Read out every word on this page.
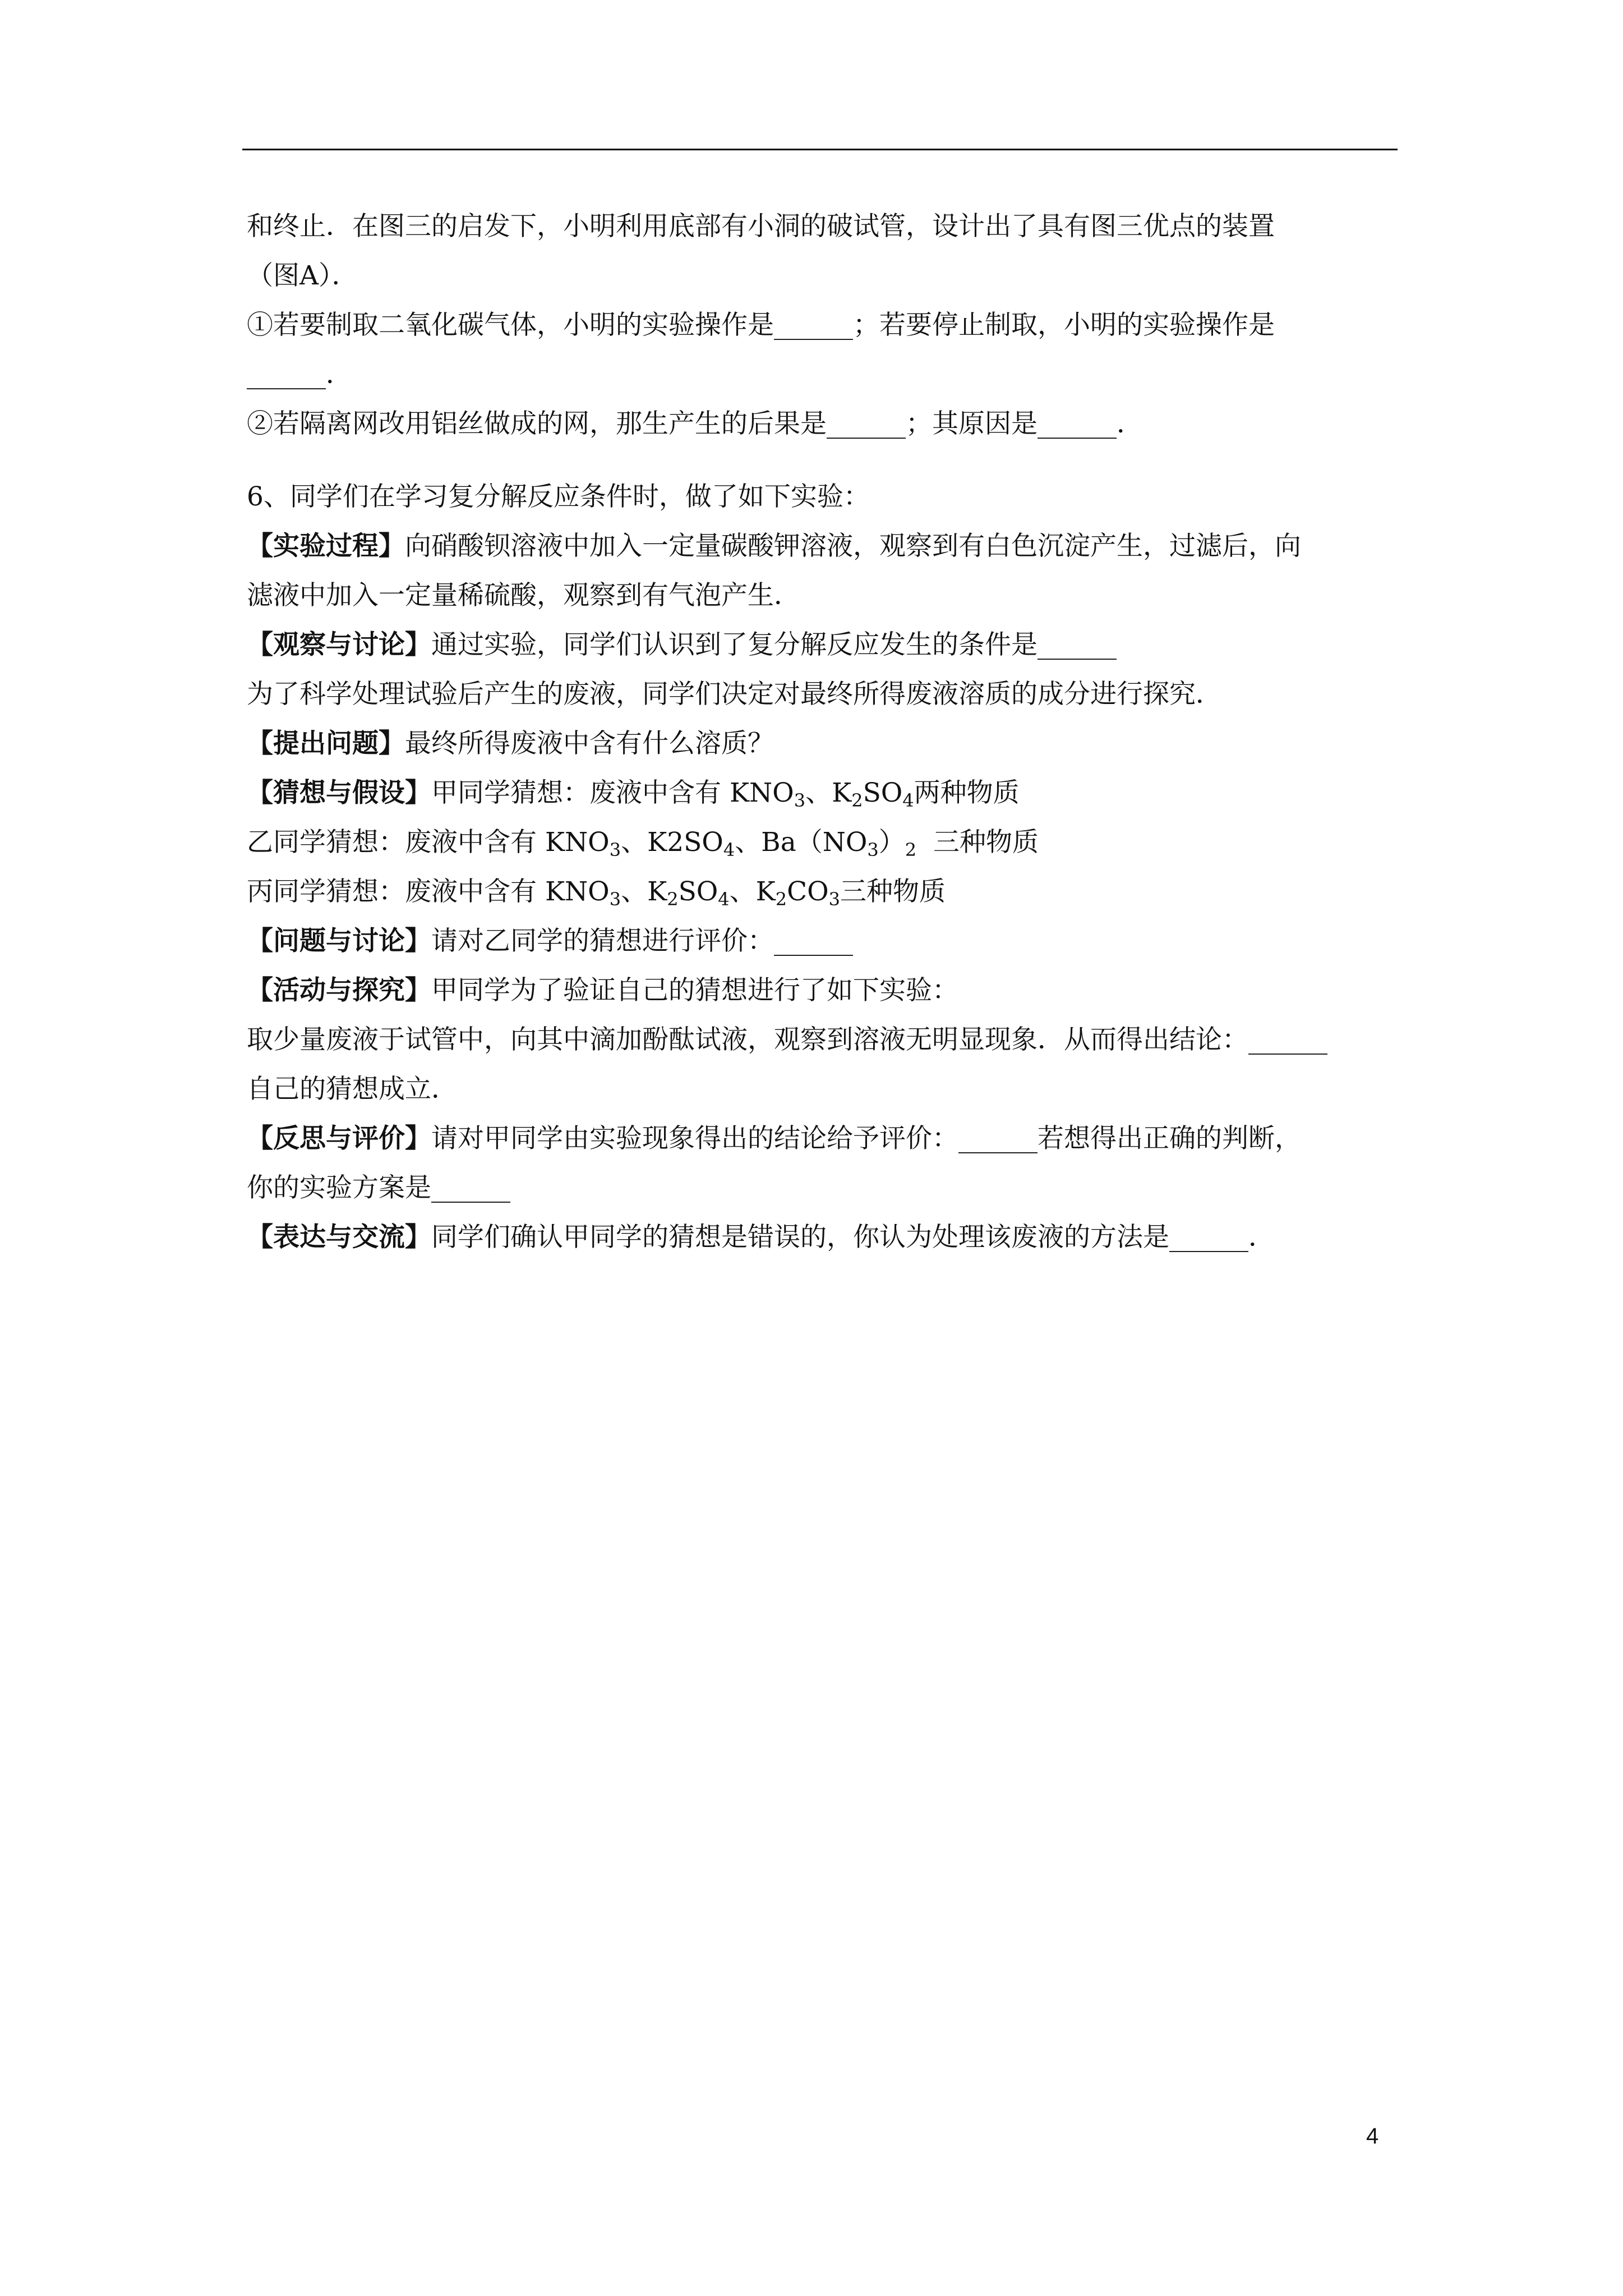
和终止．在图三的启发下，小明利用底部有小洞的破试管，设计出了具有图三优点的装置

（图A）．

①若要制取二氧化碳气体，小明的实验操作是______；若要停止制取，小明的实验操作是

______．

②若隔离网改用铝丝做成的网，那生产生的后果是______；其原因是______．

6、同学们在学习复分解反应条件时，做了如下实验：

【实验过程】向硝酸钡溶液中加入一定量碳酸钾溶液，观察到有白色沉淀产生，过滤后，向

滤液中加入一定量稀硫酸，观察到有气泡产生．

【观察与讨论】通过实验，同学们认识到了复分解反应发生的条件是______

为了科学处理试验后产生的废液，同学们决定对最终所得废液溶质的成分进行探究．

【提出问题】最终所得废液中含有什么溶质？

【猜想与假设】甲同学猜想：废液中含有 $KNO_3$、$K_2SO_4$两种物质

乙同学猜想：废液中含有 $KNO_3$、$K2SO_4$、$Ba(NO_3)_2$  三种物质

丙同学猜想：废液中含有 $KNO_3$、$K_2SO_4$、$K_2CO_3$三种物质

【问题与讨论】请对乙同学的猜想进行评价：______

【活动与探究】甲同学为了验证自己的猜想进行了如下实验：

取少量废液于试管中，向其中滴加酚酞试液，观察到溶液无明显现象．从而得出结论：______

自己的猜想成立．

【反思与评价】请对甲同学由实验现象得出的结论给予评价：______若想得出正确的判断，

你的实验方案是______

【表达与交流】同学们确认甲同学的猜想是错误的，你认为处理该废液的方法是______．

4
